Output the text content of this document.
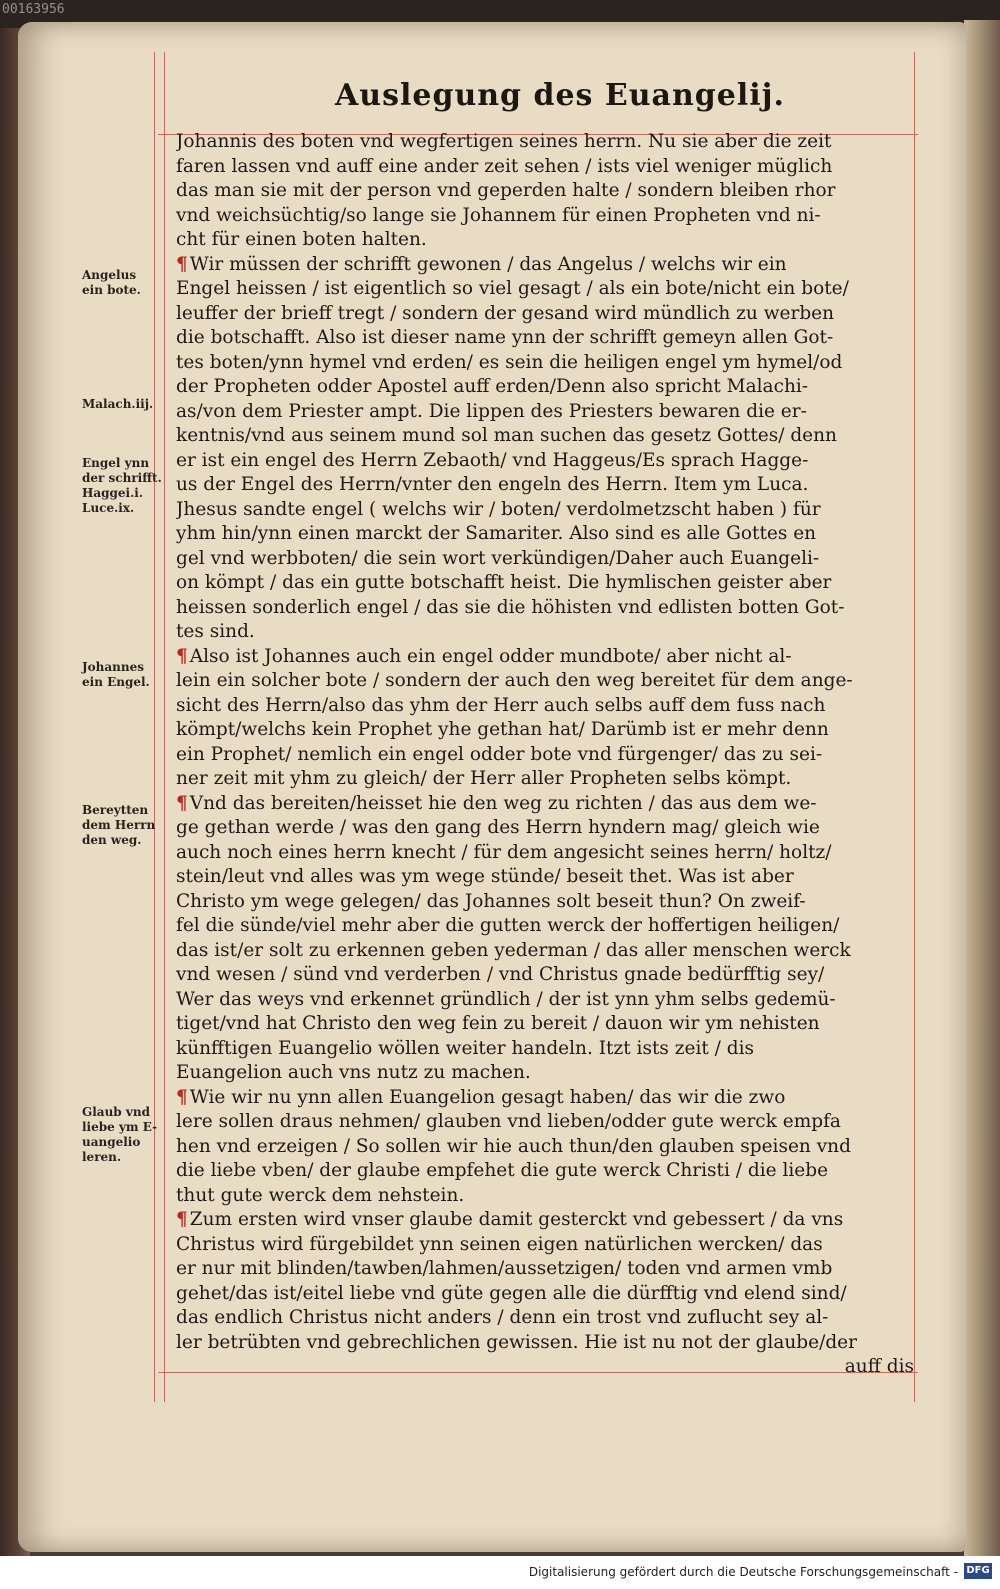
00163956
Auslegung des Euangelij.
Angelus
ein bote.
Malach.iij.
Engel ynn
der schrifft.
Haggei.i.
Luce.ix.
Johannes
ein Engel.
Bereytten
dem Herrn
den weg.
Glaub vnd
liebe ym E-
uangelio
leren.
Johannis des boten vnd wegfertigen seines herrn. Nu sie aber die zeit
faren lassen vnd auff eine ander zeit sehen / ists viel weniger müglich
das man sie mit der person vnd geperden halte / sondern bleiben rhor
vnd weichsüchtig/so lange sie Johannem für einen Propheten vnd ni-
cht für einen boten halten.
¶ Wir müssen der schrifft gewonen / das Angelus / welchs wir ein
Engel heissen / ist eigentlich so viel gesagt / als ein bote/nicht ein bote/
leuffer der brieff tregt / sondern der gesand wird mündlich zu werben
die botschafft. Also ist dieser name ynn der schrifft gemeyn allen Got-
tes boten/ynn hymel vnd erden/ es sein die heiligen engel ym hymel/od
der Propheten odder Apostel auff erden/Denn also spricht Malachi-
as/von dem Priester ampt. Die lippen des Priesters bewaren die er-
kentnis/vnd aus seinem mund sol man suchen das gesetz Gottes/ denn
er ist ein engel des Herrn Zebaoth/ vnd Haggeus/Es sprach Hagge-
us der Engel des Herrn/vnter den engeln des Herrn. Item ym Luca.
Jhesus sandte engel ( welchs wir / boten/ verdolmetzscht haben ) für
yhm hin/ynn einen marckt der Samariter. Also sind es alle Gottes en
gel vnd werbboten/ die sein wort verkündigen/Daher auch Euangeli-
on kömpt / das ein gutte botschafft heist. Die hymlischen geister aber
heissen sonderlich engel / das sie die höhisten vnd edlisten botten Got-
tes sind.
¶ Also ist Johannes auch ein engel odder mundbote/ aber nicht al-
lein ein solcher bote / sondern der auch den weg bereitet für dem ange-
sicht des Herrn/also das yhm der Herr auch selbs auff dem fuss nach
kömpt/welchs kein Prophet yhe gethan hat/ Darümb ist er mehr denn
ein Prophet/ nemlich ein engel odder bote vnd fürgenger/ das zu sei-
ner zeit mit yhm zu gleich/ der Herr aller Propheten selbs kömpt.
¶ Vnd das bereiten/heisset hie den weg zu richten / das aus dem we-
ge gethan werde / was den gang des Herrn hyndern mag/ gleich wie
auch noch eines herrn knecht / für dem angesicht seines herrn/ holtz/
stein/leut vnd alles was ym wege stünde/ beseit thet. Was ist aber
Christo ym wege gelegen/ das Johannes solt beseit thun? On zweif-
fel die sünde/viel mehr aber die gutten werck der hoffertigen heiligen/
das ist/er solt zu erkennen geben yederman / das aller menschen werck
vnd wesen / sünd vnd verderben / vnd Christus gnade bedürfftig sey/
Wer das weys vnd erkennet gründlich / der ist ynn yhm selbs gedemü-
tiget/vnd hat Christo den weg fein zu bereit / dauon wir ym nehisten
künfftigen Euangelio wöllen weiter handeln. Itzt ists zeit / dis
Euangelion auch vns nutz zu machen.
¶ Wie wir nu ynn allen Euangelion gesagt haben/ das wir die zwo
lere sollen draus nehmen/ glauben vnd lieben/odder gute werck empfa
hen vnd erzeigen / So sollen wir hie auch thun/den glauben speisen vnd
die liebe vben/ der glaube empfehet die gute werck Christi / die liebe
thut gute werck dem nehstein.
¶ Zum ersten wird vnser glaube damit gesterckt vnd gebessert / da vns
Christus wird fürgebildet ynn seinen eigen natürlichen wercken/ das
er nur mit blinden/tawben/lahmen/aussetzigen/ toden vnd armen vmb
gehet/das ist/eitel liebe vnd güte gegen alle die dürfftig vnd elend sind/
das endlich Christus nicht anders / denn ein trost vnd zuflucht sey al-
ler betrübten vnd gebrechlichen gewissen. Hie ist nu not der glaube/der
auff dis
Digitalisierung gefördert durch die Deutsche Forschungsgemeinschaft - DFG
